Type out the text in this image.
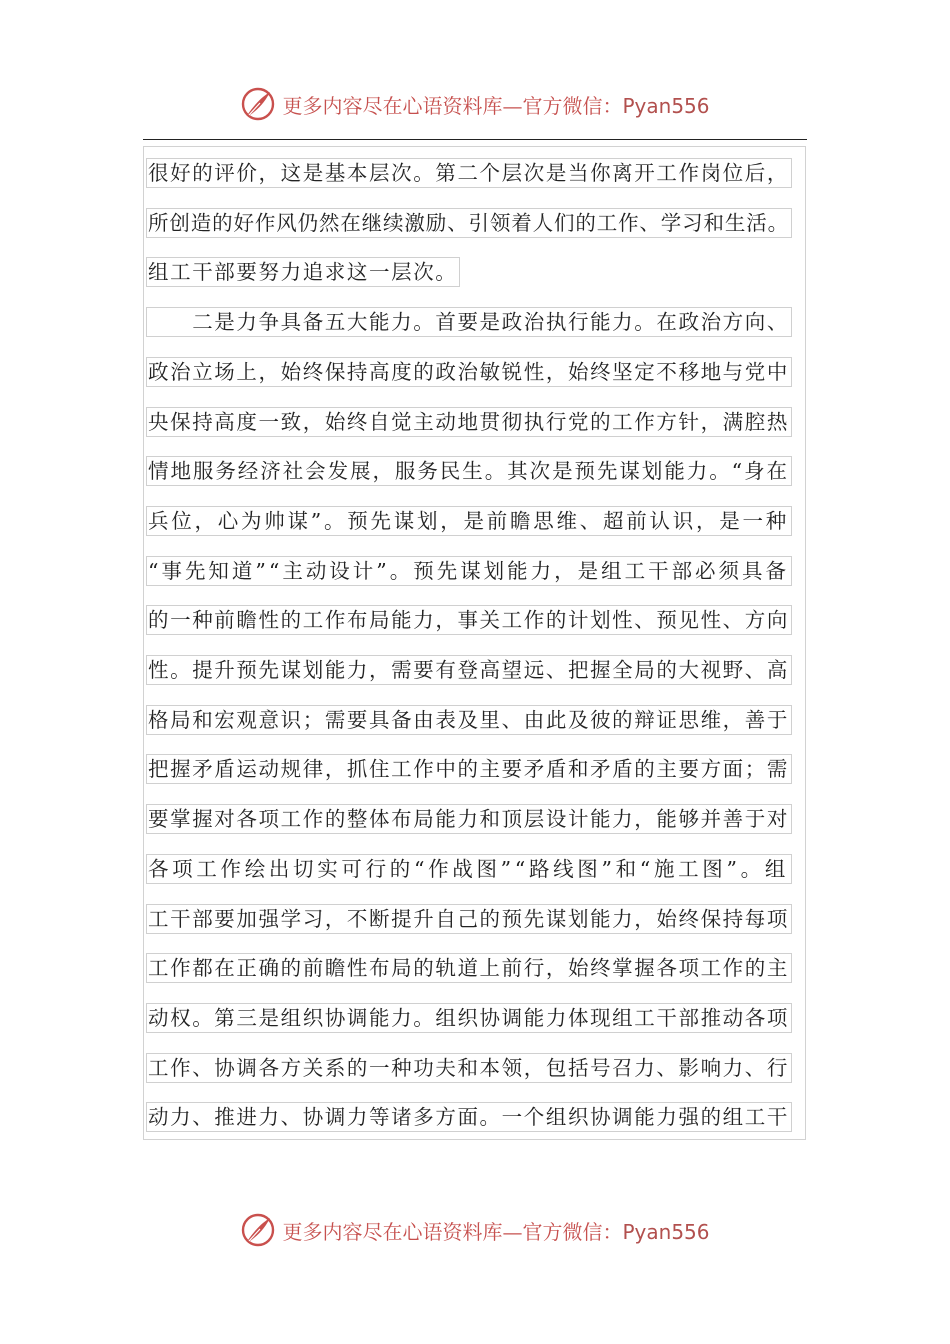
更多内容尽在心语资料库—官方微信：Pyan556
很好的评价，这是基本层次。第二个层次是当你离开工作岗位后，
所创造的好作风仍然在继续激励、引领着人们的工作、学习和生活。
组工干部要努力追求这一层次。
　　二是力争具备五大能力。首要是政治执行能力。在政治方向、
政治立场上，始终保持高度的政治敏锐性，始终坚定不移地与党中
央保持高度一致，始终自觉主动地贯彻执行党的工作方针，满腔热
情地服务经济社会发展，服务民生。其次是预先谋划能力。“身在
兵位，心为帅谋”。预先谋划，是前瞻思维、超前认识，是一种
“事先知道”“主动设计”。预先谋划能力，是组工干部必须具备
的一种前瞻性的工作布局能力，事关工作的计划性、预见性、方向
性。提升预先谋划能力，需要有登高望远、把握全局的大视野、高
格局和宏观意识；需要具备由表及里、由此及彼的辩证思维，善于
把握矛盾运动规律，抓住工作中的主要矛盾和矛盾的主要方面；需
要掌握对各项工作的整体布局能力和顶层设计能力，能够并善于对
各项工作绘出切实可行的“作战图”“路线图”和“施工图”。组
工干部要加强学习，不断提升自己的预先谋划能力，始终保持每项
工作都在正确的前瞻性布局的轨道上前行，始终掌握各项工作的主
动权。第三是组织协调能力。组织协调能力体现组工干部推动各项
工作、协调各方关系的一种功夫和本领，包括号召力、影响力、行
动力、推进力、协调力等诸多方面。一个组织协调能力强的组工干
更多内容尽在心语资料库—官方微信：Pyan556
